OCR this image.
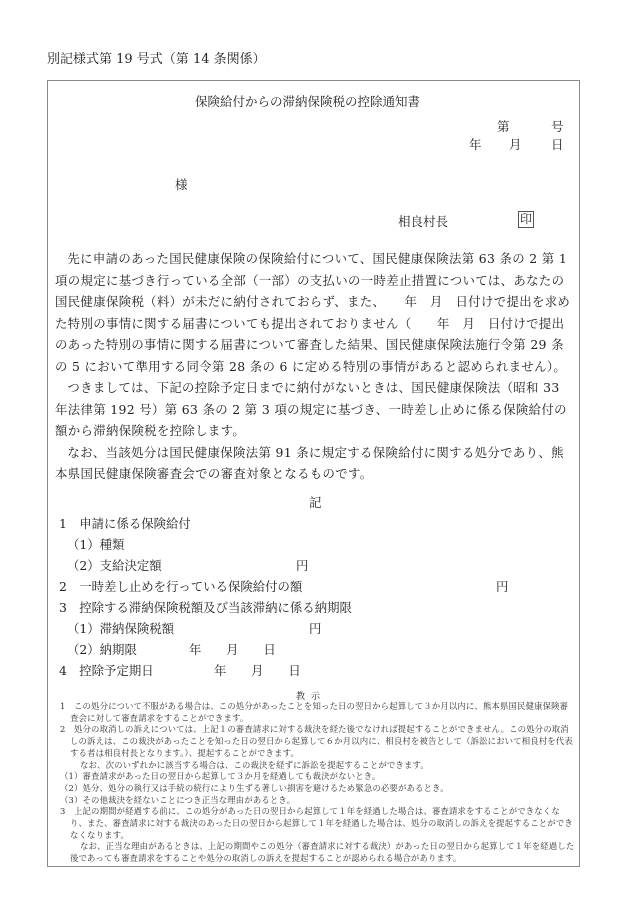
別記様式第 19 号式（第 14 条関係）
保険給付からの滞納保険税の控除通知書
第	号
年 月 日
様
相良村長	印

先に申請のあった国民健康保険の保険給付について、国民健康保険法第 63 条の 2 第 1 項の規定に基づき行っている全部（一部）の支払いの一時差止措置については、あなたの国民健康保険税（料）が未だに納付されておらず、また、　　年　月　日付けで提出を求めた特別の事情に関する届書についても提出されておりません（　　年　月　日付けで提出のあった特別の事情に関する届書について審査した結果、国民健康保険法施行令第 29 条の 5 において準用する同令第 28 条の 6 に定める特別の事情があると認められません）。

つきましては、下記の控除予定日までに納付がないときは、国民健康保険法（昭和 33 年法律第 192 号）第 63 条の 2 第 3 項の規定に基づき、一時差し止めに係る保険給付の額から滞納保険税を控除します。

なお、当該処分は国民健康保険法第 91 条に規定する保険給付に関する処分であり、熊本県国民健康保険審査会での審査対象となるものです。

記
1　申請に係る保険給付
（1）種類
（2）支給決定額	円
2　一時差し止めを行っている保険給付の額	円
3　控除する滞納保険税額及び当該滞納に係る納期限
（1）滞納保険税額	円
（2）納期限	年　　月　　日
4　控除予定期日	年　　月　　日
教示

1　この処分について不服がある場合は、この処分があったことを知った日の翌日から起算して３か月以内に、熊本県国民健康保険審査会に対して審査請求をすることができます。

2　処分の取消しの訴えについては、上記１の審査請求に対する裁決を経た後でなければ提起することができません。この処分の取消しの訴えは、この裁決があったことを知った日の翌日から起算して６か月以内に、相良村を被告として（訴訟において相良村を代表する者は相良村長となります。）、提起することができます。

なお、次のいずれかに該当する場合は、この裁決を経ずに訴訟を提起することができます。

（1）審査請求があった日の翌日から起算して３か月を経過しても裁決がないとき。

（2）処分、処分の執行又は手続の続行により生ずる著しい損害を避けるため緊急の必要があるとき。

（3）その他裁決を経ないことにつき正当な理由があるとき。

3　上記の期間が経過する前に、この処分があった日の翌日から起算して１年を経過した場合は、審査請求をすることができなくなり、また、審査請求に対する裁決のあった日の翌日から起算して１年を経過した場合は、処分の取消しの訴えを提起することができなくなります。

なお、正当な理由があるときは、上記の期間やこの処分（審査請求に対する裁決）があった日の翌日から起算して１年を経過した後であっても審査請求をすることや処分の取消しの訴えを提起することが認められる場合があります。
